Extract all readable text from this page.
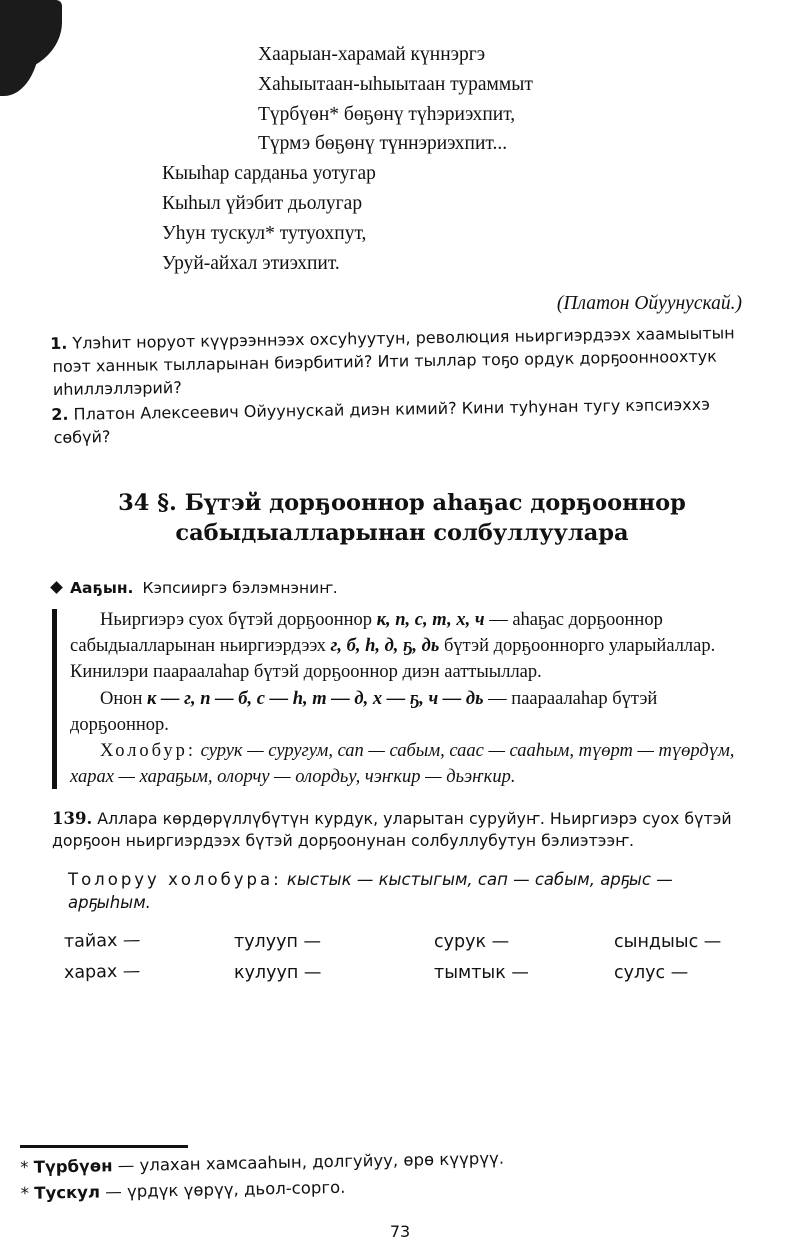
Хаарыан-харамай күннэргэ
Хаһыытаан-ыһыытаан тураммыт
Түрбүөн* бөҕөнү түһэриэхпит,
Түрмэ бөҕөнү түннэриэхпит...
Кыыһар сарданьа уотугар
Кыһыл үйэбит дьолугар
Уһун тускул* тутуохпут,
Уруй-айхал этиэхпит.
(Платон Ойуунускай.)

1. Үлэһит норуот күүрээннээх охсуһуутун, революция ньиргиэрдээх хаамыытын поэт ханнык тылларынан биэрбитий? Ити тыллар тоҕо ордук дорҕоонноохтук иһиллэллэрий?

2. Платон Алексеевич Ойуунускай диэн кимий? Кини туһунан тугу кэпсиэххэ сөбүй?

34 §. Бүтэй дорҕооннор аһаҕас дорҕооннор
сабыдыалларынан солбуллуулара
Ааҕын. Кэпсииргэ бэлэмнэниҥ.

Ньиргиэрэ суох бүтэй дорҕооннор к, п, с, т, х, ч — аһаҕас дорҕооннор сабыдыалларынан ньиргиэрдээх г, б, һ, д, ҕ, дь бүтэй дорҕооннорго уларыйаллар. Кинилэри паараалаһар бүтэй дорҕооннор диэн ааттыыллар.

Онон к — г, п — б, с — һ, т — д, х — ҕ, ч — дь — паараалаһар бүтэй дорҕооннор.

Холобур: сурук — суругум, сап — сабым, саас — сааһым, түөрт — түөрдүм, харах — хараҕым, олорчу — олордьу, чэҥкир — дьэҥкир.

139. Аллара көрдөрүллүбүтүн курдук, уларытан суруйуҥ. Ньиргиэрэ суох бүтэй дорҕоон ньиргиэрдээх бүтэй дорҕоонунан солбуллубутун бэлиэтээҥ.

Толоруу холобура: кыстык — кыстыгым, сап — сабым, арҕыс — арҕыһым.

тайах —	тулууп —	сурук —	сындыыс —
харах —	кулууп —	тымтык —	сулус —

* Түрбүөн — улахан хамсааһын, долгуйуу, өрө күүрүү.

* Тускул — үрдүк үөрүү, дьол-сорго.

73
